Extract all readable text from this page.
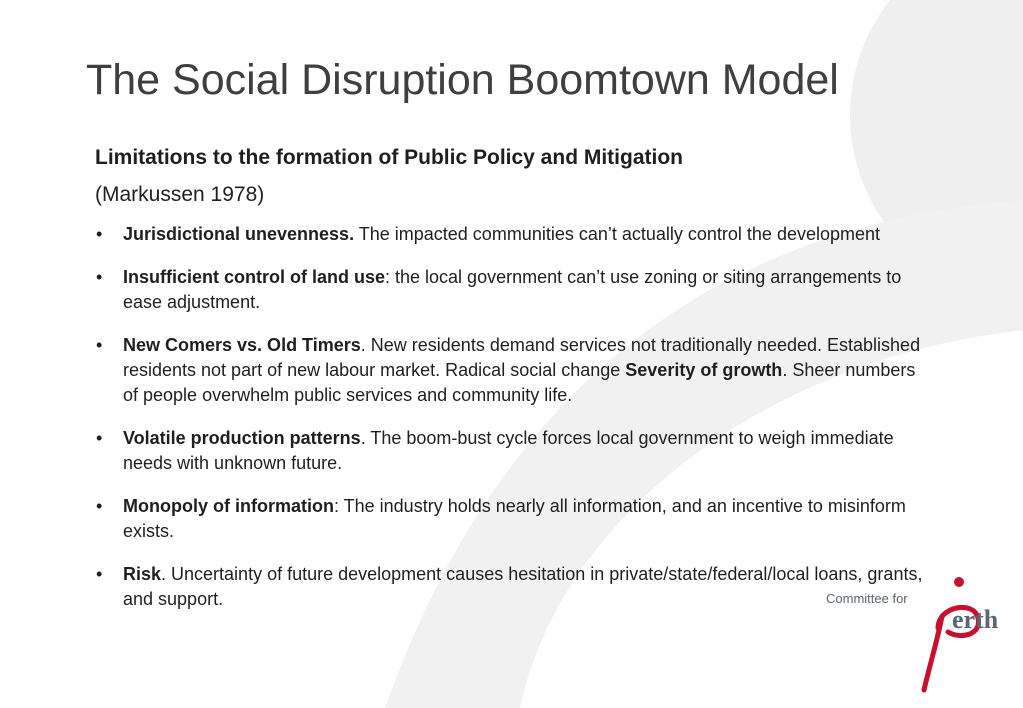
The Social Disruption Boomtown Model

Limitations to the formation of Public Policy and Mitigation

(Markussen 1978)

• Jurisdictional unevenness. The impacted communities can’t actually control the development
• Insufficient control of land use: the local government can’t use zoning or siting arrangements to ease adjustment.
• New Comers vs. Old Timers. New residents demand services not traditionally needed. Established residents not part of new labour market. Radical social change Severity of growth. Sheer numbers of people overwhelm public services and community life.
• Volatile production patterns. The boom-bust cycle forces local government to weigh immediate needs with unknown future.
• Monopoly of information: The industry holds nearly all information, and an incentive to misinform exists.
• Risk. Uncertainty of future development causes hesitation in private/state/federal/local loans, grants, and support.	Committee for
erth
